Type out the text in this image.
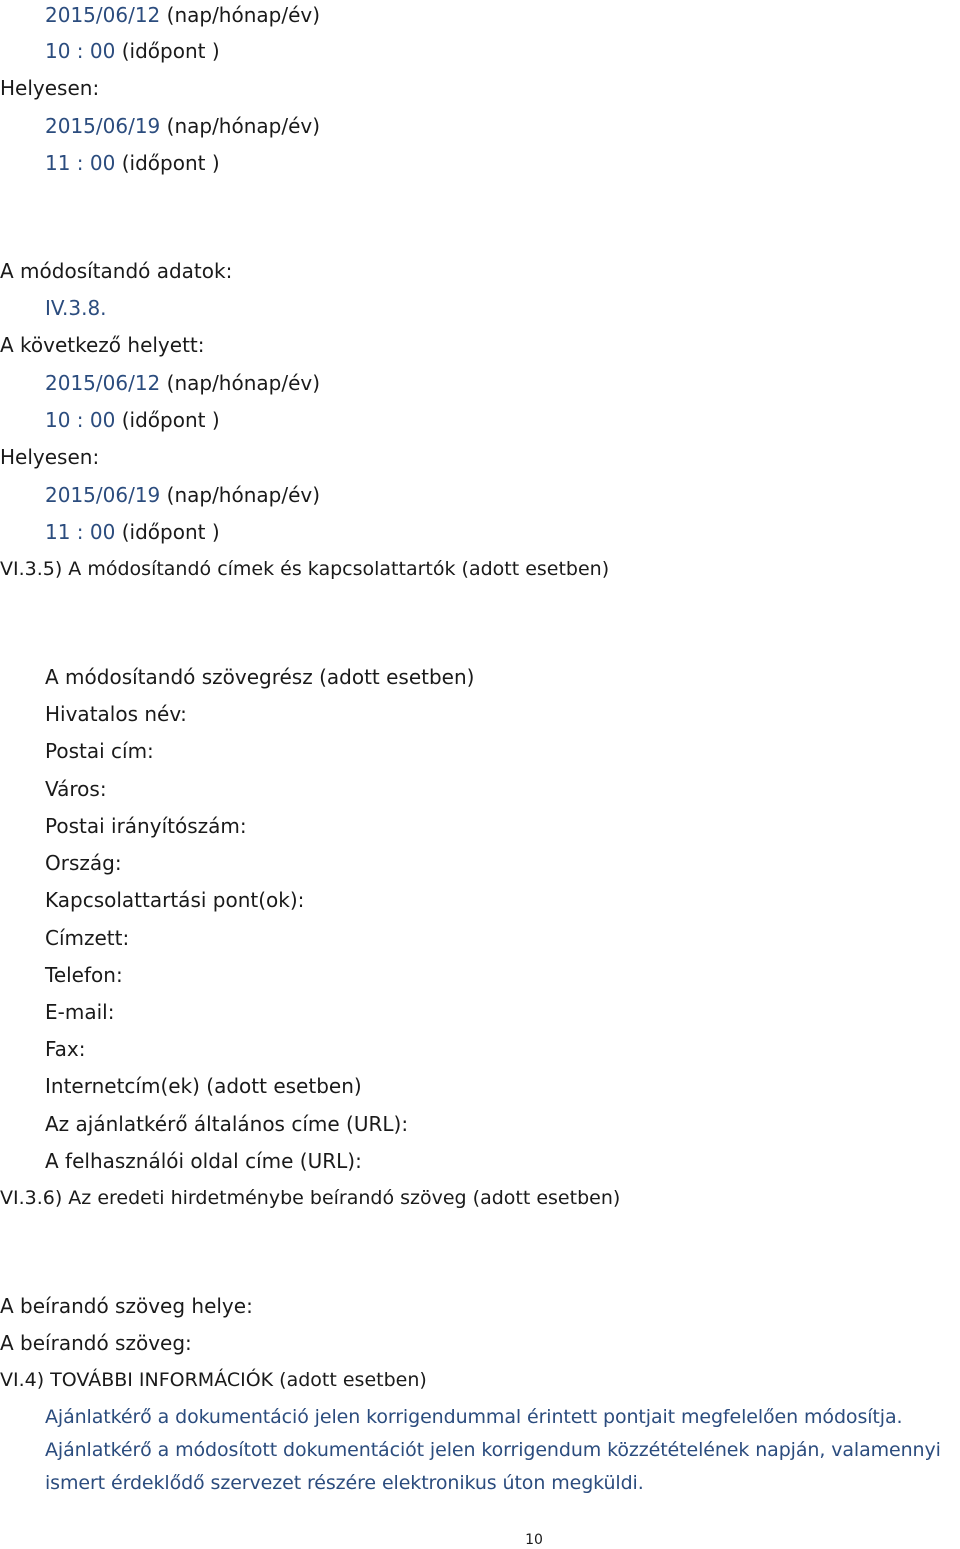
2015/06/12 (nap/hónap/év)
10 : 00 (időpont )
Helyesen:
2015/06/19 (nap/hónap/év)
11 : 00 (időpont )
A módosítandó adatok:
IV.3.8.
A következő helyett:
2015/06/12 (nap/hónap/év)
10 : 00 (időpont )
Helyesen:
2015/06/19 (nap/hónap/év)
11 : 00 (időpont )
VI.3.5) A módosítandó címek és kapcsolattartók (adott esetben)
A módosítandó szövegrész (adott esetben)
Hivatalos név:
Postai cím:
Város:
Postai irányítószám:
Ország:
Kapcsolattartási pont(ok):
Címzett:
Telefon:
E-mail:
Fax:
Internetcím(ek) (adott esetben)
Az ajánlatkérő általános címe (URL):
A felhasználói oldal címe (URL):
VI.3.6) Az eredeti hirdetménybe beírandó szöveg (adott esetben)
A beírandó szöveg helye:
A beírandó szöveg:
VI.4) TOVÁBBI INFORMÁCIÓK (adott esetben)
Ajánlatkérő a dokumentáció jelen korrigendummal érintett pontjait megfelelően módosítja.
Ajánlatkérő a módosított dokumentációt jelen korrigendum közzétételének napján, valamennyi
ismert érdeklődő szervezet részére elektronikus úton megküldi.
10
